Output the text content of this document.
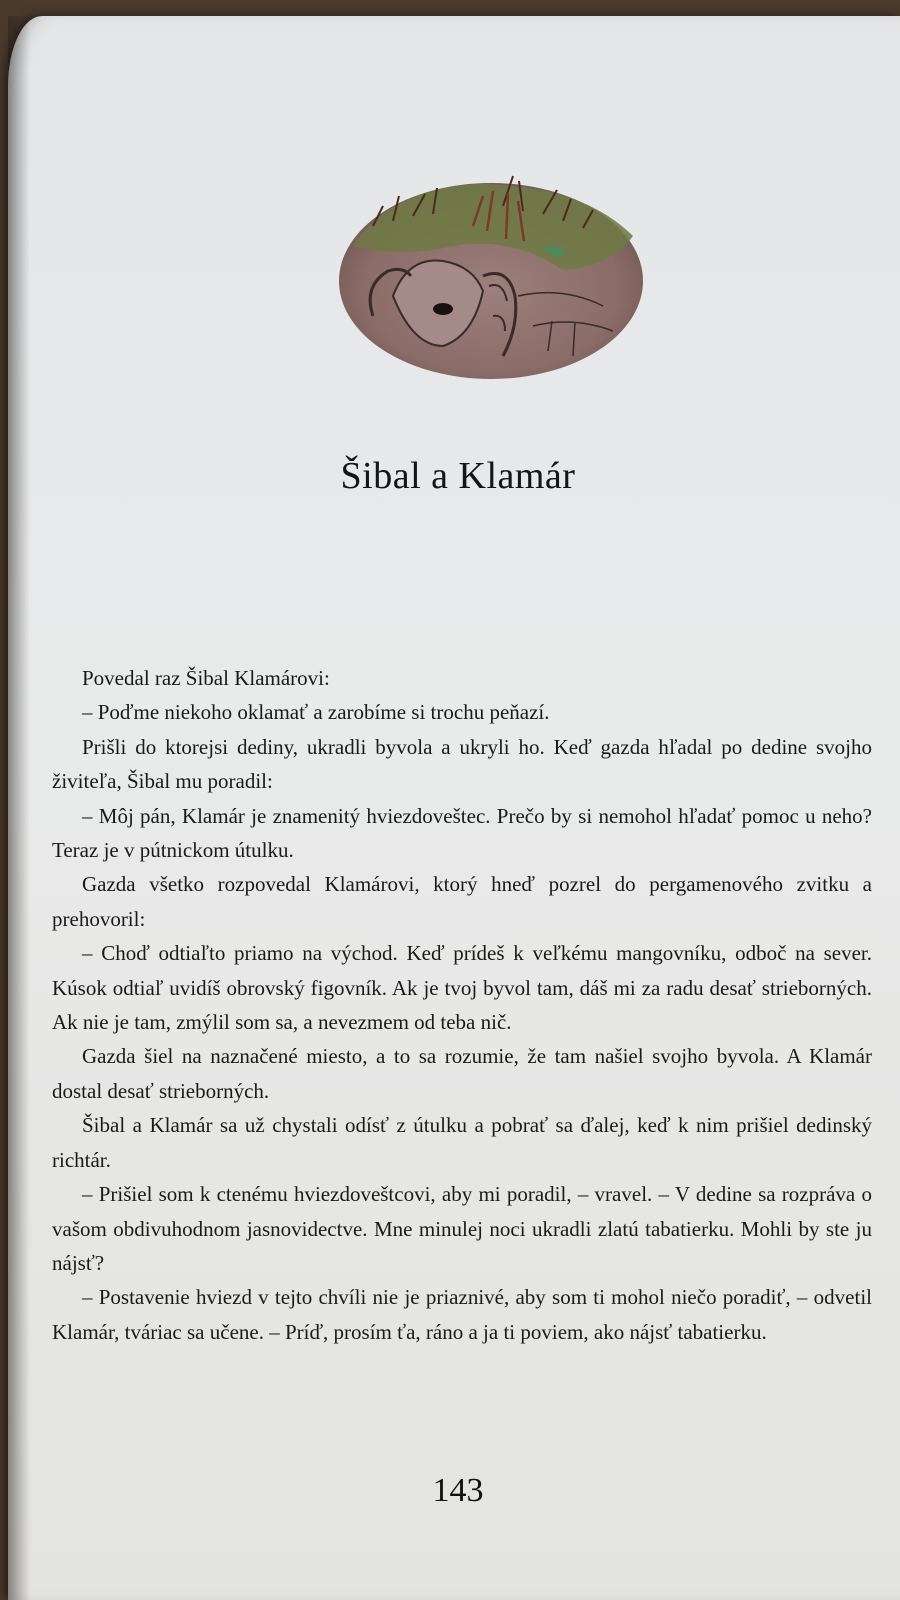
Šibal a Klamár

Povedal raz Šibal Klamárovi:

– Poďme niekoho oklamať a zarobíme si trochu peňazí.

Prišli do ktorejsi dediny, ukradli byvola a ukryli ho. Keď gazda hľadal po dedine svojho živiteľa, Šibal mu poradil:

– Môj pán, Klamár je znamenitý hviezdoveštec. Prečo by si nemohol hľadať pomoc u neho? Teraz je v pútnickom útulku.

Gazda všetko rozpovedal Klamárovi, ktorý hneď pozrel do pergamenového zvitku a prehovoril:

– Choď odtiaľto priamo na východ. Keď prídeš k veľkému mangovníku, odboč na sever. Kúsok odtiaľ uvidíš obrovský figovník. Ak je tvoj byvol tam, dáš mi za radu desať strieborných. Ak nie je tam, zmýlil som sa, a nevezmem od teba nič.

Gazda šiel na naznačené miesto, a to sa rozumie, že tam našiel svojho byvola. A Klamár dostal desať strieborných.

Šibal a Klamár sa už chystali odísť z útulku a pobrať sa ďalej, keď k nim prišiel dedinský richtár.

– Prišiel som k ctenému hviezdoveštcovi, aby mi poradil, – vravel. – V dedine sa rozpráva o vašom obdivuhodnom jasnovidectve. Mne minulej noci ukradli zlatú tabatierku. Mohli by ste ju nájsť?

– Postavenie hviezd v tejto chvíli nie je priaznivé, aby som ti mohol niečo poradiť, – odvetil Klamár, tváriac sa učene. – Príď, prosím ťa, ráno a ja ti poviem, ako nájsť tabatierku.

143
